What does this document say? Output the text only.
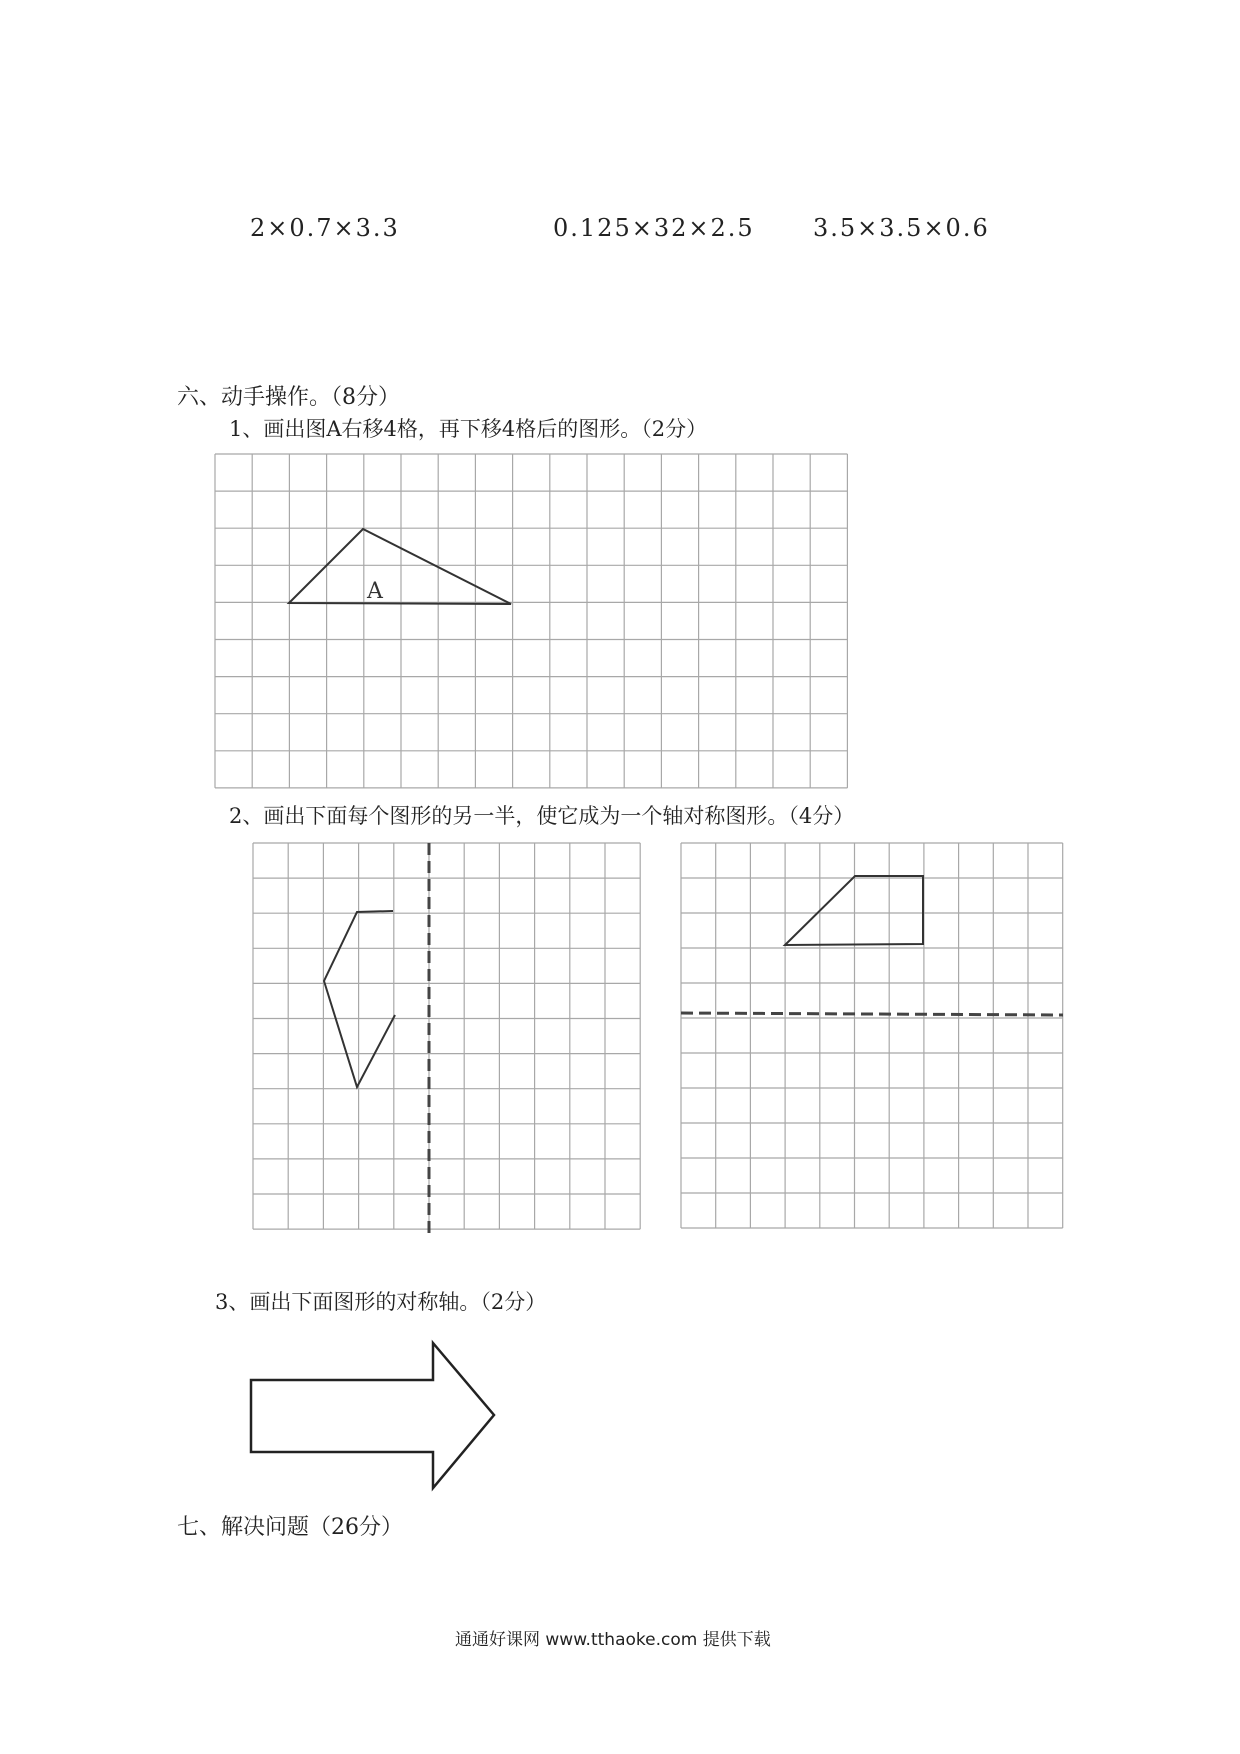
2×0.7×3.3	0.125×32×2.5 3.5×3.5×0.6
六、动手操作。（8分）
1、画出图A右移4格，再下移4格后的图形。（2分）
A
2、画出下面每个图形的另一半，使它成为一个轴对称图形。（4分）
3、画出下面图形的对称轴。（2分）
七、解决问题（26分）
通通好课网 www.tthaoke.com 提供下载
